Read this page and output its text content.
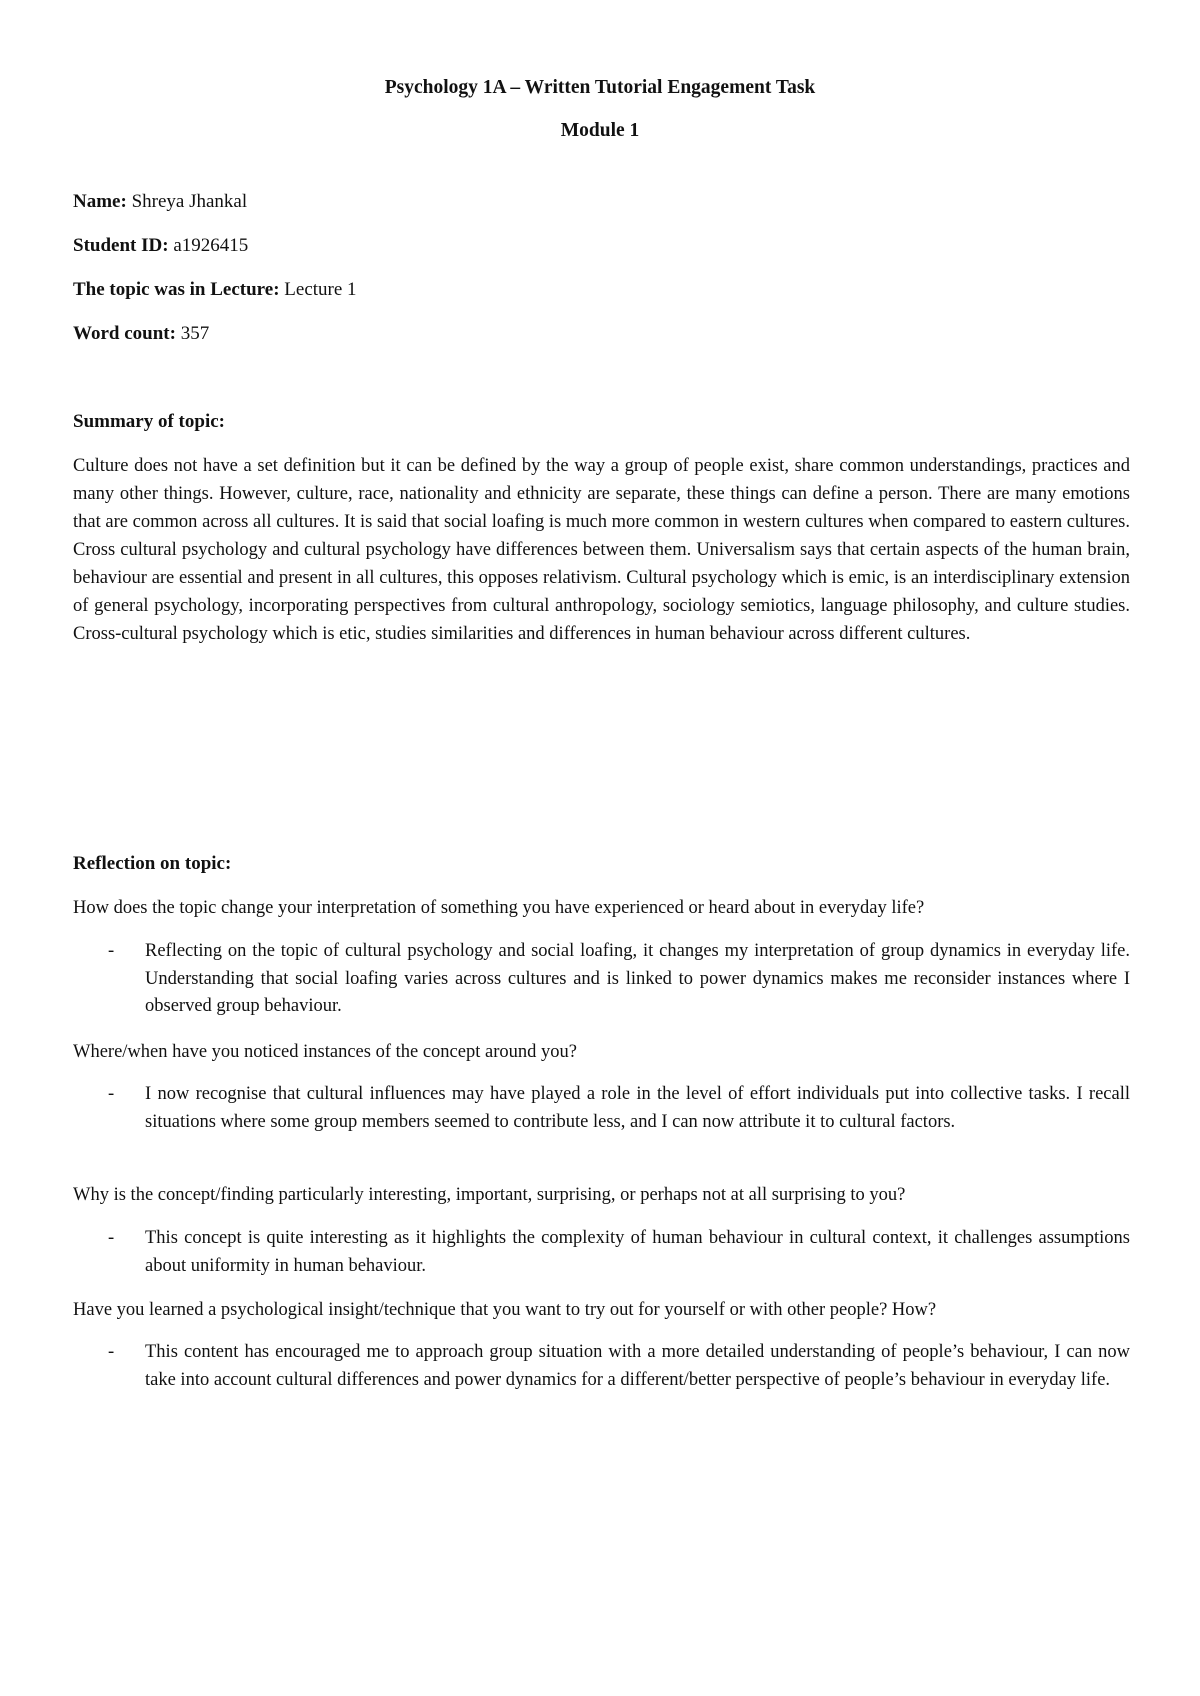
Psychology 1A – Written Tutorial Engagement Task
Module 1
Name: Shreya Jhankal
Student ID: a1926415
The topic was in Lecture: Lecture 1
Word count: 357
Summary of topic:

Culture does not have a set definition but it can be defined by the way a group of people exist, share common understandings, practices and many other things. However, culture, race, nationality and ethnicity are separate, these things can define a person. There are many emotions that are common across all cultures. It is said that social loafing is much more common in western cultures when compared to eastern cultures. Cross cultural psychology and cultural psychology have differences between them. Universalism says that certain aspects of the human brain, behaviour are essential and present in all cultures, this opposes relativism. Cultural psychology which is emic, is an interdisciplinary extension of general psychology, incorporating perspectives from cultural anthropology, sociology semiotics, language philosophy, and culture studies. Cross-cultural psychology which is etic, studies similarities and differences in human behaviour across different cultures.

Reflection on topic:
How does the topic change your interpretation of something you have experienced or heard about in everyday life?
-	Reflecting on the topic of cultural psychology and social loafing, it changes my interpretation of group dynamics in everyday life. Understanding that social loafing varies across cultures and is linked to power dynamics makes me reconsider instances where I observed group behaviour.
Where/when have you noticed instances of the concept around you?
-	I now recognise that cultural influences may have played a role in the level of effort individuals put into collective tasks. I recall situations where some group members seemed to contribute less, and I can now attribute it to cultural factors.
Why is the concept/finding particularly interesting, important, surprising, or perhaps not at all surprising to you?
-	This concept is quite interesting as it highlights the complexity of human behaviour in cultural context, it challenges assumptions about uniformity in human behaviour.
Have you learned a psychological insight/technique that you want to try out for yourself or with other people? How?
-	This content has encouraged me to approach group situation with a more detailed understanding of people’s behaviour, I can now take into account cultural differences and power dynamics for a different/better perspective of people’s behaviour in everyday life.
